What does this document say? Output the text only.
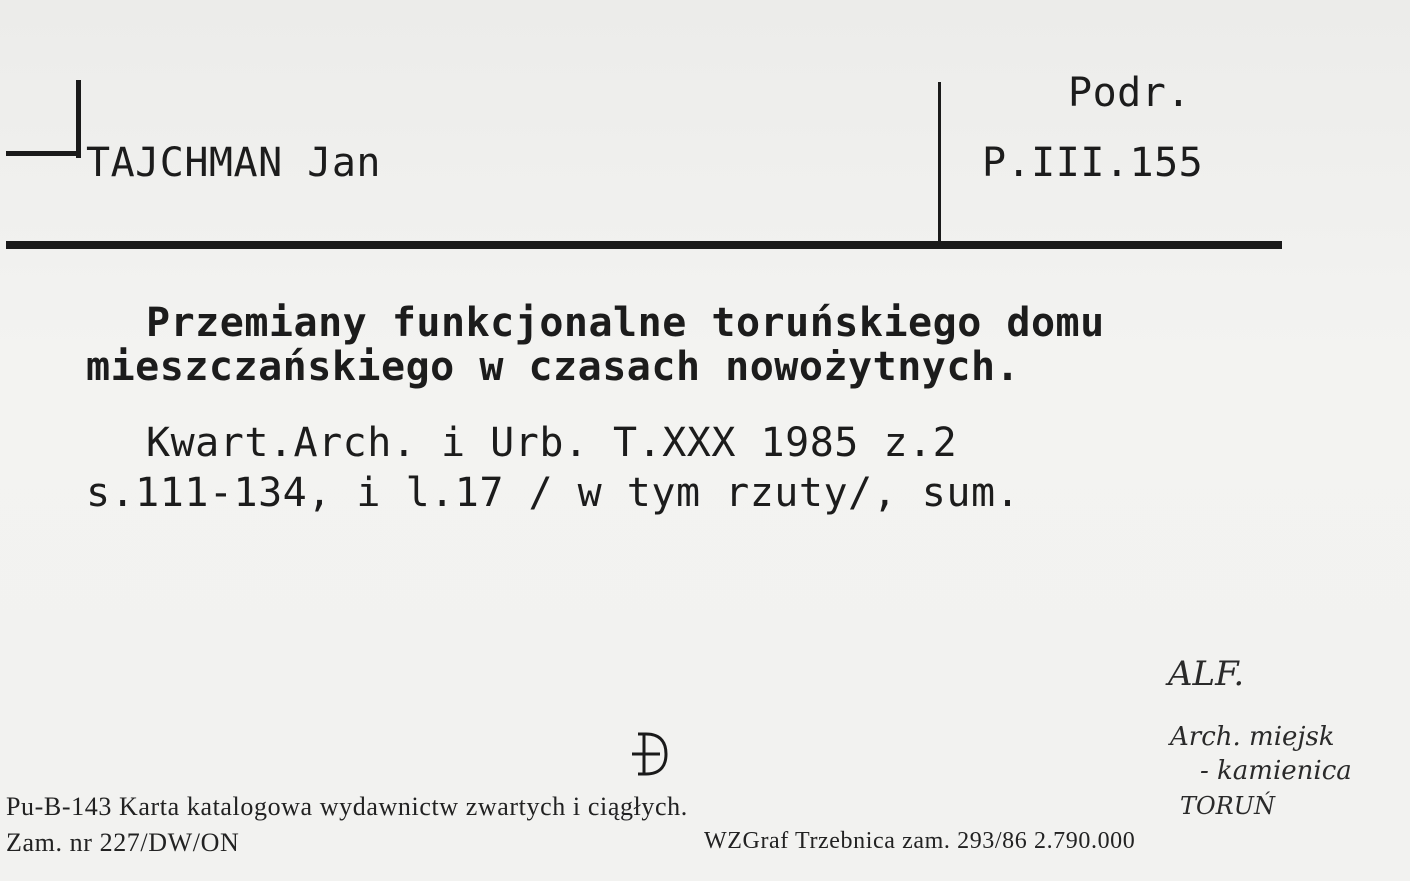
TAJCHMAN Jan
Podr.
P.III.155
Przemiany funkcjonalne toruńskiego domu
mieszczańskiego w czasach nowożytnych.
Kwart.Arch. i Urb. T.XXX 1985 z.2
s.111-134, i l.17 / w tym rzuty/, sum.
ALF.
Arch. miejsk
- kamienica
TORUŃ
Pu-B-143 Karta katalogowa wydawnictw zwartych i ciągłych.
Zam. nr 227/DW/ON	WZGraf Trzebnica zam. 293/86 2.790.000
